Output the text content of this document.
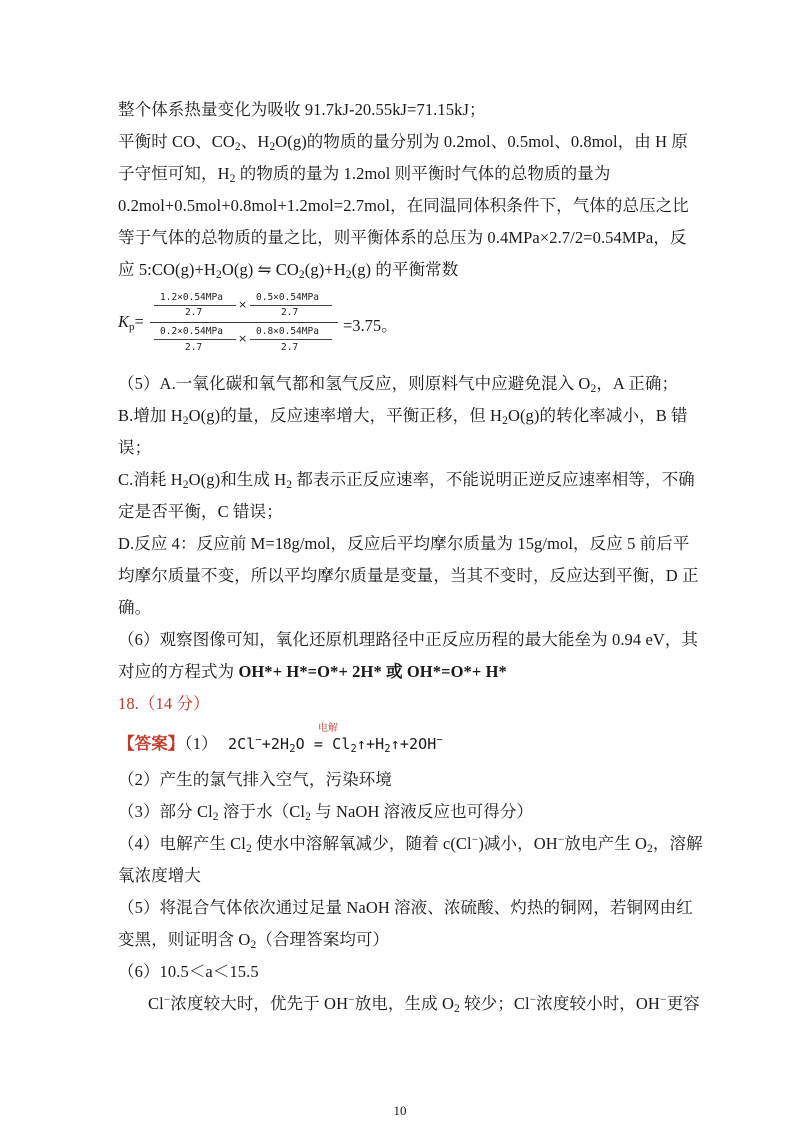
整个体系热量变化为吸收 91.7kJ-20.55kJ=71.15kJ；
平衡时 CO、$CO_2$、$H_2O(g)$的物质的量分别为 0.2mol、0.5mol、0.8mol，由 H 原
子守恒可知，$H_2$ 的物质的量为 1.2mol 则平衡时气体的总物质的量为
0.2mol+0.5mol+0.8mol+1.2mol=2.7mol，在同温同体积条件下，气体的总压之比
等于气体的总物质的量之比，则平衡体系的总压为 0.4MPa×2.7/2=0.54MPa，反
应 $5:CO(g)+H_2O(g)$ ⇋ $CO_2(g)+H_2(g)$ 的平衡常数
$K_p=$
1.2×0.54MPa
2.7
×
0.5×0.54MPa
2.7
0.2×0.54MPa
2.7
×
0.8×0.54MPa
2.7
=3.75。
（5）A.一氧化碳和氧气都和氢气反应，则原料气中应避免混入 $O_2$，A 正确；
B.增加 $H_2O(g)$的量，反应速率增大，平衡正移，但 $H_2O(g)$的转化率减小，B 错
误；
C.消耗 $H_2O(g)$和生成 $H_2$ 都表示正反应速率，不能说明正逆反应速率相等，不确
定是否平衡，C 错误；
D.反应 4：反应前 M=18g/mol，反应后平均摩尔质量为 15g/mol，反应 5 前后平
均摩尔质量不变，所以平均摩尔质量是变量，当其不变时，反应达到平衡，D 正
确。
（6）观察图像可知，氧化还原机理路径中正反应历程的最大能垒为 0.94 eV，其
对应的方程式为 OH*+ H*=O*+ 2H* 或 OH*=O*+ H*
18.（14 分）
【答案】（1） $2Cl^-+2H_2O$ = $Cl_2↑+H_2↑+2OH^-$
电解
（2）产生的氯气排入空气，污染环境
（3）部分 $Cl_2$ 溶于水（$Cl_2$ 与 NaOH 溶液反应也可得分）
（4）电解产生 $Cl_2$ 使水中溶解氧减少，随着 c(Cl−)减小，OH−放电产生 $O_2$，溶解
氧浓度增大
（5）将混合气体依次通过足量 NaOH 溶液、浓硫酸、灼热的铜网，若铜网由红
变黑，则证明含 $O_2$（合理答案均可）
（6）10.5＜a＜15.5
Cl−浓度较大时，优先于 OH−放电，生成 $O_2$ 较少；Cl−浓度较小时，OH−更容
10
